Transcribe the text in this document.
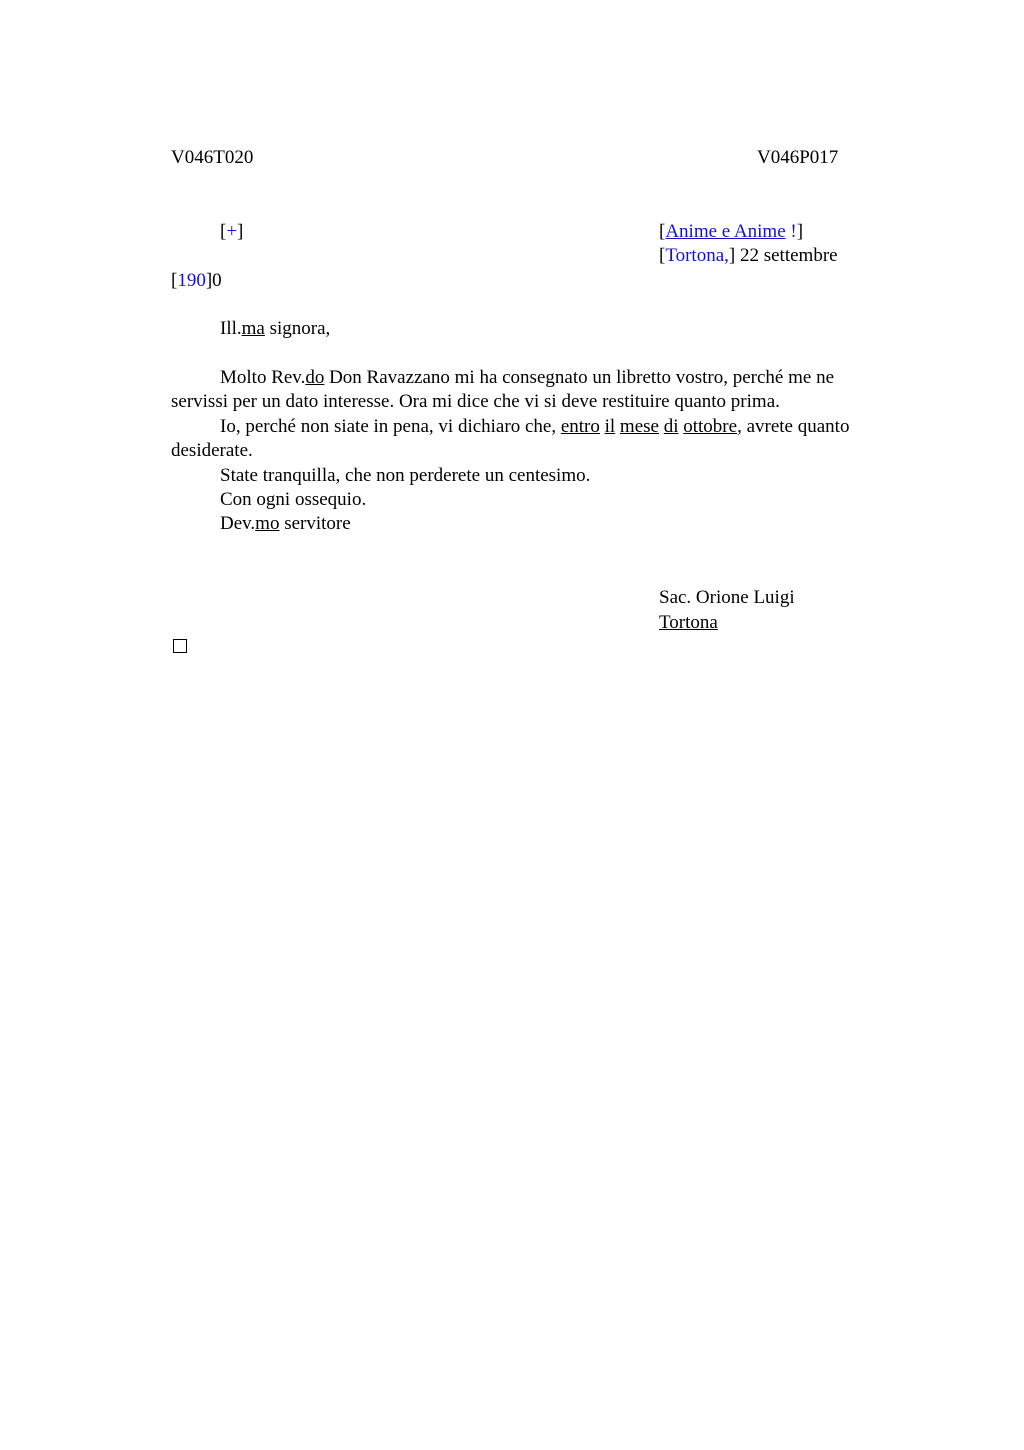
V046T020	V046P017
[+]	[Anime e Anime !]
[Tortona,] 22 settembre
[190]0
Ill.ma signora,

Molto Rev.do Don Ravazzano mi ha consegnato un libretto vostro, perché me ne servissi per un dato interesse. Ora mi dice che vi si deve restituire quanto prima.

Io, perché non siate in pena, vi dichiaro che, entro il mese di ottobre, avrete quanto desiderate.

State tranquilla, che non perderete un centesimo.

Con ogni ossequio.

Dev.mo servitore

Sac. Orione Luigi
Tortona
